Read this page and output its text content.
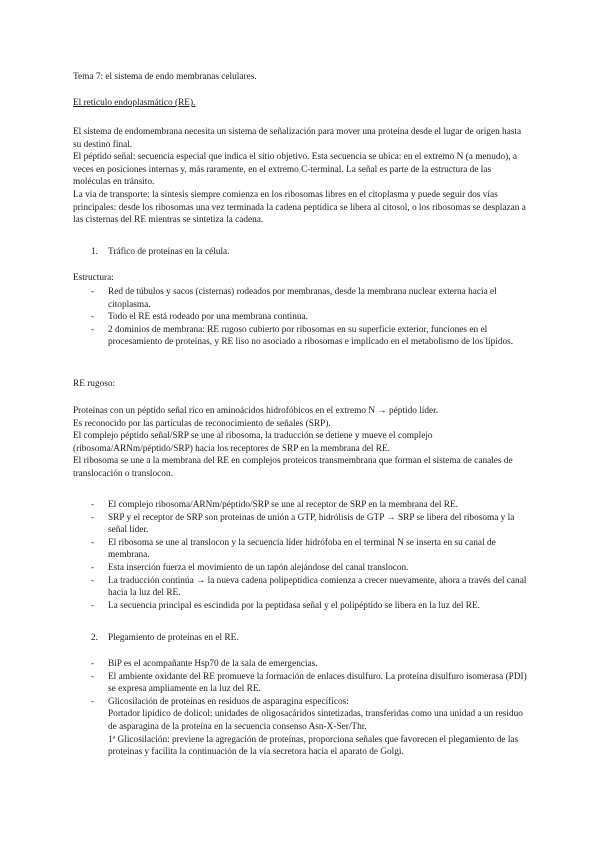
Tema 7: el sistema de endo membranas celulares.

El retículo endoplasmático (RE).

El sistema de endomembrana necesita un sistema de señalización para mover una proteína desde el lugar de origen hasta su destino final.

El péptido señal: secuencia especial que indica el sitio objetivo. Esta secuencia se ubica: en el extremo N (a menudo), a veces en posiciones internas y, más raramente, en el extremo C-terminal. La señal es parte de la estructura de las moléculas en tránsito.

La vía de transporte: la síntesis siempre comienza en los ribosomas libres en el citoplasma y puede seguir dos vías principales: desde los ribosomas una vez terminada la cadena peptídica se libera al citosol, o los ribosomas se desplazan a las cisternas del RE mientras se sintetiza la cadena.

1. Tráfico de proteínas en la célula.

Estructura:

- Red de túbulos y sacos (cisternas) rodeados por membranas, desde la membrana nuclear externa hacia el citoplasma.
- Todo el RE está rodeado por una membrana continua.
- 2 dominios de membrana: RE rugoso cubierto por ribosomas en su superficie exterior, funciones en el procesamiento de proteínas, y RE liso no asociado a ribosomas e implicado en el metabolismo de los lípidos.

RE rugoso:

Proteínas con un péptido señal rico en aminoácidos hidrofóbicos en el extremo N → péptido líder.

Es reconocido por las partículas de reconocimiento de señales (SRP).

El complejo péptido señal/SRP se une al ribosoma, la traducción se detiene y mueve el complejo (ribosoma/ARNm/péptido/SRP) hacia los receptores de SRP en la membrana del RE.

El ribosoma se une a la membrana del RE en complejos proteicos transmembrana que forman el sistema de canales de translocación o translocon.

- El complejo ribosoma/ARNm/péptido/SRP se une al receptor de SRP en la membrana del RE.
- SRP y el receptor de SRP son proteínas de unión a GTP, hidrólisis de GTP → SRP se libera del ribosoma y la señal líder.
- El ribosoma se une al translocon y la secuencia líder hidrófoba en el terminal N se inserta en su canal de membrana.
- Esta inserción fuerza el movimiento de un tapón alejándose del canal translocon.
- La traducción continúa → la nueva cadena polipeptídica comienza a crecer nuevamente, ahora a través del canal hacia la luz del RE.
- La secuencia principal es escindida por la peptidasa señal y el polipéptido se libera en la luz del RE.
2. Plegamiento de proteínas en el RE.
- BiP es el acompañante Hsp70 de la sala de emergencias.
- El ambiente oxidante del RE promueve la formación de enlaces disulfuro. La proteína disulfuro isomerasa (PDI) se expresa ampliamente en la luz del RE.

- Glicosilación de proteínas en residuos de asparagina específicos:

Portador lipídico de dolicol: unidades de oligosacáridos sintetizadas, transferidas como una unidad a un residuo de asparagina de la proteína en la secuencia consenso Asn-X-Ser/Thr.

1ª Glicosilación: previene la agregación de proteínas, proporciona señales que favorecen el plegamiento de las proteínas y facilita la continuación de la vía secretora hacia el aparato de Golgi.
